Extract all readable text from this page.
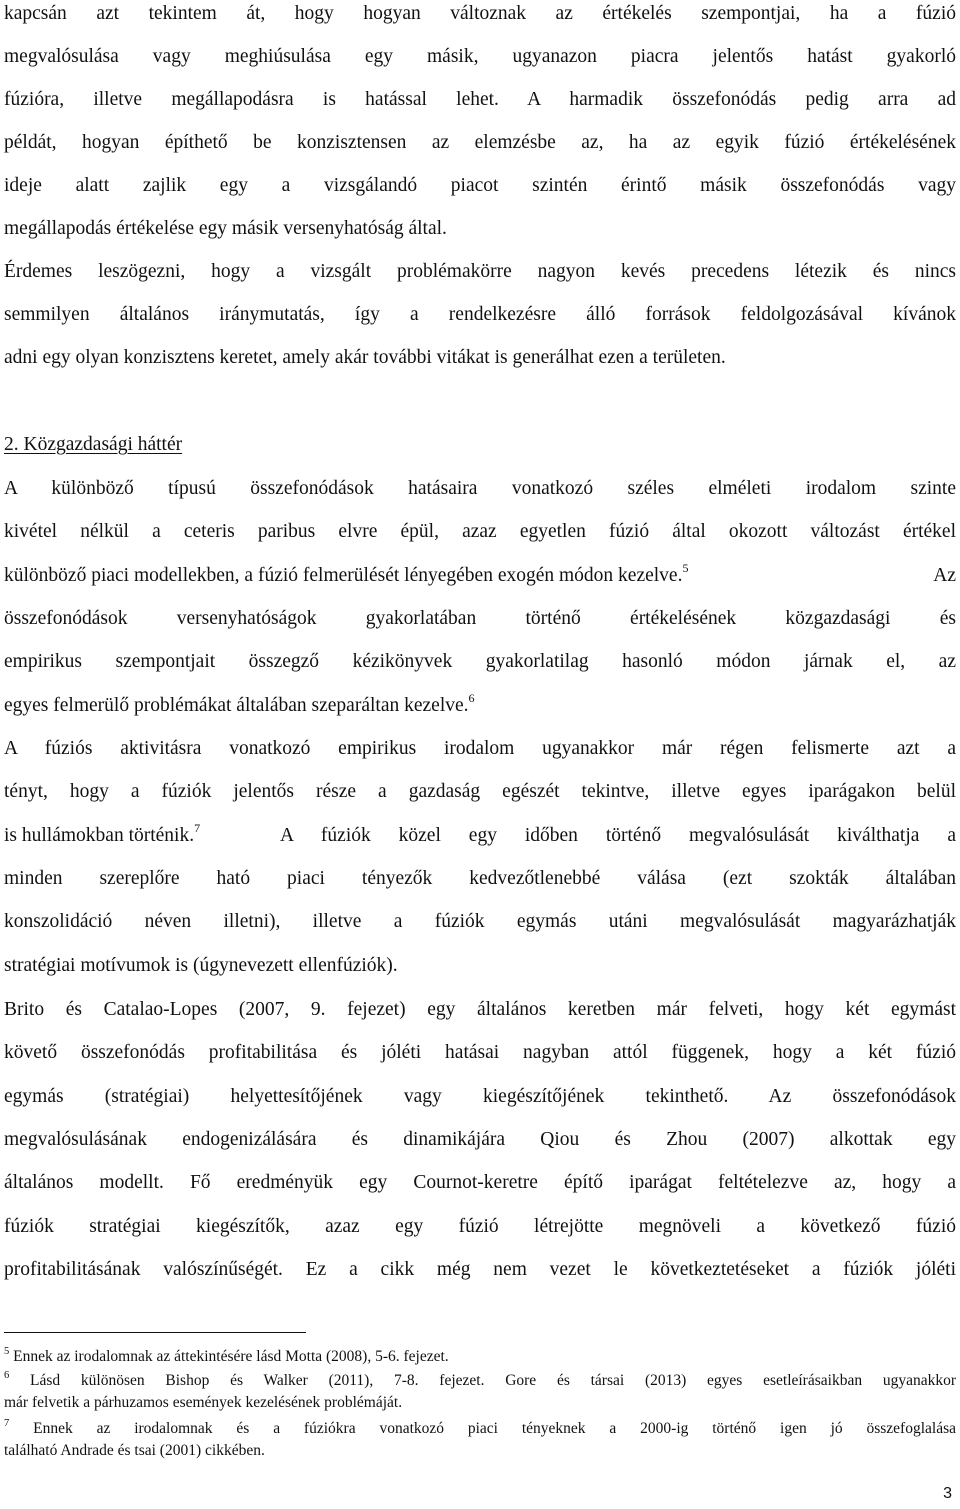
kapcsán azt tekintem át, hogy hogyan változnak az értékelés szempontjai, ha a fúzió
megvalósulása vagy meghiúsulása egy másik, ugyanazon piacra jelentős hatást gyakorló
fúzióra, illetve megállapodásra is hatással lehet. A harmadik összefonódás pedig arra ad
példát, hogyan építhető be konzisztensen az elemzésbe az, ha az egyik fúzió értékelésének
ideje alatt zajlik egy a vizsgálandó piacot szintén érintő másik összefonódás vagy
megállapodás értékelése egy másik versenyhatóság által.
Érdemes leszögezni, hogy a vizsgált problémakörre nagyon kevés precedens létezik és nincs
semmilyen általános iránymutatás, így a rendelkezésre álló források feldolgozásával kívánok
adni egy olyan konzisztens keretet, amely akár további vitákat is generálhat ezen a területen.
2. Közgazdasági háttér
A különböző típusú összefonódások hatásaira vonatkozó széles elméleti irodalom szinte
kivétel nélkül a ceteris paribus elvre épül, azaz egyetlen fúzió által okozott változást értékel
különböző piaci modellekben, a fúzió felmerülését lényegében exogén módon kezelve.$^5$	Az
összefonódások versenyhatóságok gyakorlatában történő értékelésének közgazdasági és
empirikus szempontjait összegző kézikönyvek gyakorlatilag hasonló módon járnak el, az
egyes felmerülő problémákat általában szeparáltan kezelve.$^6$
A fúziós aktivitásra vonatkozó empirikus irodalom ugyanakkor már régen felismerte azt a
tényt, hogy a fúziók jelentős része a gazdaság egészét tekintve, illetve egyes iparágakon belül
is hullámokban történik.$^7$	A fúziók közel egy időben történő megvalósulását kiválthatja a
minden szereplőre ható piaci tényezők kedvezőtlenebbé válása (ezt szokták általában
konszolidáció néven illetni), illetve a fúziók egymás utáni megvalósulását magyarázhatják
stratégiai motívumok is (úgynevezett ellenfúziók).
Brito és Catalao-Lopes (2007, 9. fejezet) egy általános keretben már felveti, hogy két egymást
követő összefonódás profitabilitása és jóléti hatásai nagyban attól függenek, hogy a két fúzió
egymás (stratégiai) helyettesítőjének vagy kiegészítőjének tekinthető. Az összefonódások
megvalósulásának endogenizálására és dinamikájára Qiou és Zhou (2007) alkottak egy
általános modellt. Fő eredményük egy Cournot-keretre építő iparágat feltételezve az, hogy a
fúziók stratégiai kiegészítők, azaz egy fúzió létrejötte megnöveli a következő fúzió
profitabilitásának valószínűségét. Ez a cikk még nem vezet le következtetéseket a fúziók jóléti
$^5$ Ennek az irodalomnak az áttekintésére lásd Motta (2008), 5-6. fejezet.
$^6$ Lásd különösen Bishop és Walker (2011), 7-8. fejezet. Gore és társai (2013) egyes esetleírásaikban ugyanakkor
már felvetik a párhuzamos események kezelésének problémáját.
$^7$ Ennek az irodalomnak és a fúziókra vonatkozó piaci tényeknek a 2000-ig történő igen jó összefoglalása
található Andrade és tsai (2001) cikkében.
3
